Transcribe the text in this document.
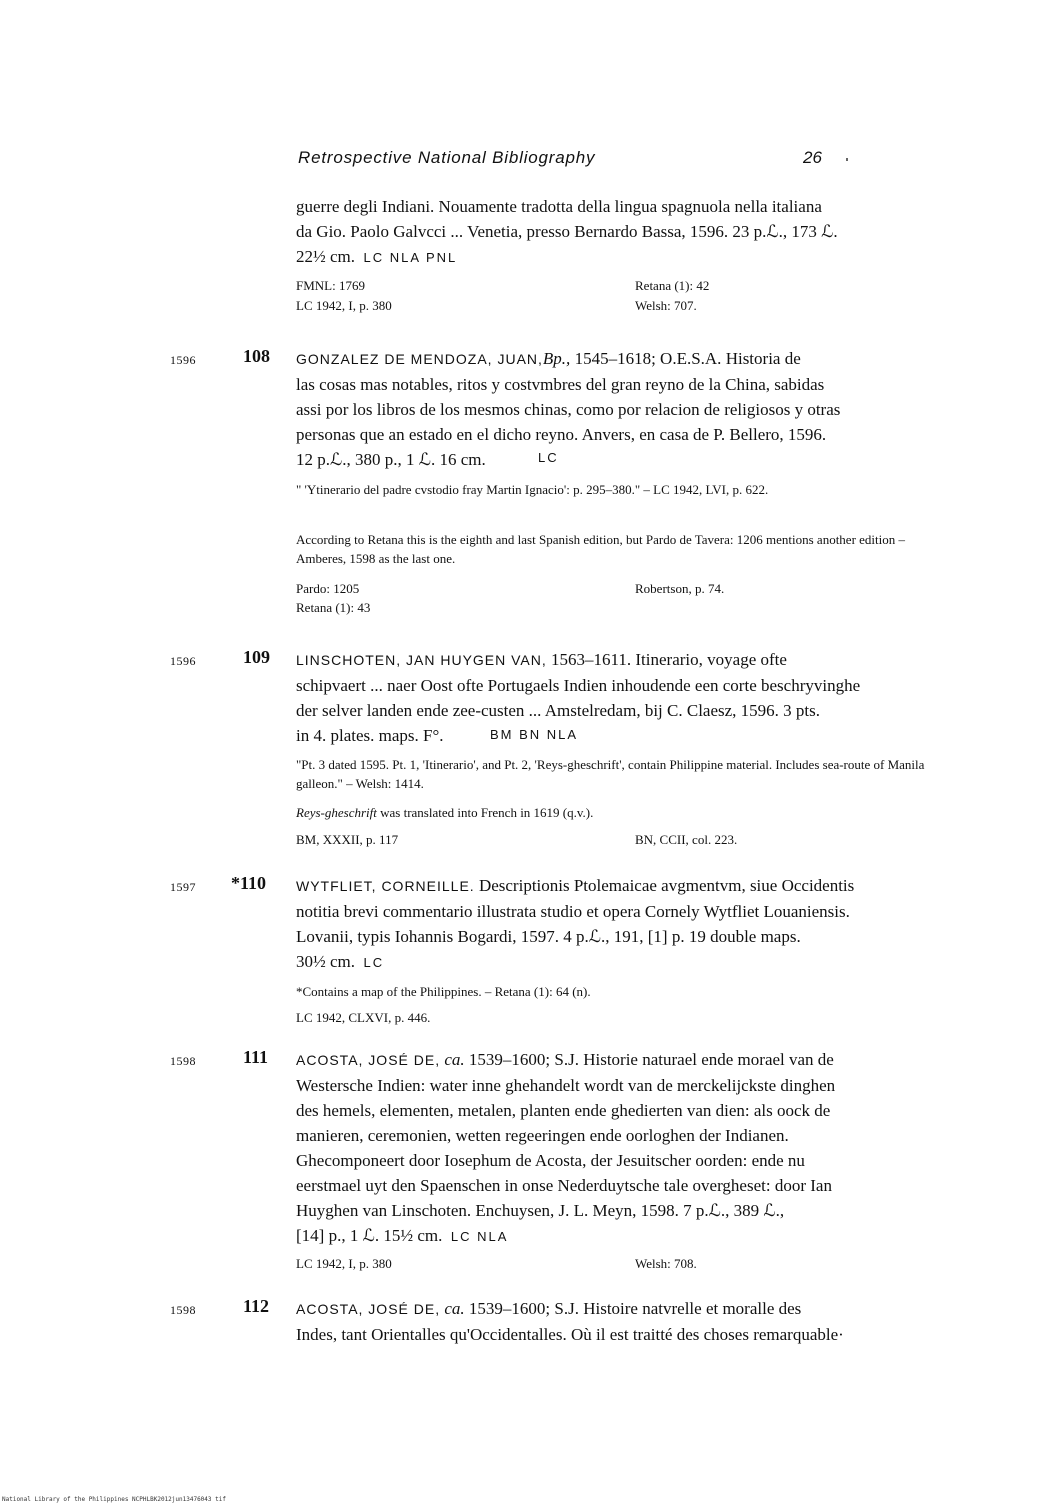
Retrospective National Bibliography	26
guerre degli Indiani. Nouamente tradotta della lingua spagnuola nella italiana
da Gio. Paolo Galvcci ... Venetia, presso Bernardo Bassa, 1596. 23 p.ℒ., 173 ℒ.
22½ cm. LC NLA PNL
FMNL: 1769	Retana (1): 42
LC 1942, I, p. 380	Welsh: 707.
1596	108 GONZALEZ DE MENDOZA, JUAN,Bp., 1545–1618; O.E.S.A. Historia de
las cosas mas notables, ritos y costvmbres del gran reyno de la China, sabidas
assi por los libros de los mesmos chinas, como por relacion de religiosos y otras
personas que an estado en el dicho reyno. Anvers, en casa de P. Bellero, 1596.
12 p.ℒ., 380 p., 1 ℒ. 16 cm.	LC
" 'Ytinerario del padre cvstodio fray Martin Ignacio': p. 295–380." – LC 1942, LVI, p. 622.
According to Retana this is the eighth and last Spanish edition, but Pardo de Tavera: 1206 mentions another edition – Amberes, 1598 as the last one.
Pardo: 1205	Robertson, p. 74.
Retana (1): 43
1596	109 LINSCHOTEN, JAN HUYGEN VAN, 1563–1611. Itinerario, voyage ofte
schipvaert ... naer Oost ofte Portugaels Indien inhoudende een corte beschryvinghe
der selver landen ende zee-custen ... Amstelredam, bij C. Claesz, 1596. 3 pts.
in 4. plates. maps. F°.	BM BN NLA
"Pt. 3 dated 1595. Pt. 1, 'Itinerario', and Pt. 2, 'Reys-gheschrift', contain Philippine material. Includes sea-route of Manila galleon." – Welsh: 1414.
Reys-gheschrift was translated into French in 1619 (q.v.).
BM, XXXII, p. 117	BN, CCII, col. 223.
1597 *110 WYTFLIET, CORNEILLE. Descriptionis Ptolemaicae avgmentvm, siue Occidentis
notitia brevi commentario illustrata studio et opera Cornely Wytfliet Louaniensis.
Lovanii, typis Iohannis Bogardi, 1597. 4 p.ℒ., 191, [1] p. 19 double maps.
30½ cm. LC
*Contains a map of the Philippines. – Retana (1): 64 (n).
LC 1942, CLXVI, p. 446.
1598	111 ACOSTA, JOSÉ DE, ca. 1539–1600; S.J. Historie naturael ende morael van de
Westersche Indien: water inne ghehandelt wordt van de merckelijckste dinghen
des hemels, elementen, metalen, planten ende ghedierten van dien: als oock de
manieren, ceremonien, wetten regeeringen ende oorloghen der Indianen.
Ghecomponeert door Iosephum de Acosta, der Jesuitscher oorden: ende nu
eerstmael uyt den Spaenschen in onse Nederduytsche tale overgheset: door Ian
Huyghen van Linschoten. Enchuysen, J. L. Meyn, 1598. 7 p.ℒ., 389 ℒ.,
[14] p., 1 ℒ. 15½ cm. LC NLA
LC 1942, I, p. 380	Welsh: 708.
1598	112 ACOSTA, JOSÉ DE, ca. 1539–1600; S.J. Histoire natvrelle et moralle des
Indes, tant Orientalles qu'Occidentalles. Où il est traitté des choses remarquable·
National Library of the Philippines NCPHLBK2012jun13476043 tif
